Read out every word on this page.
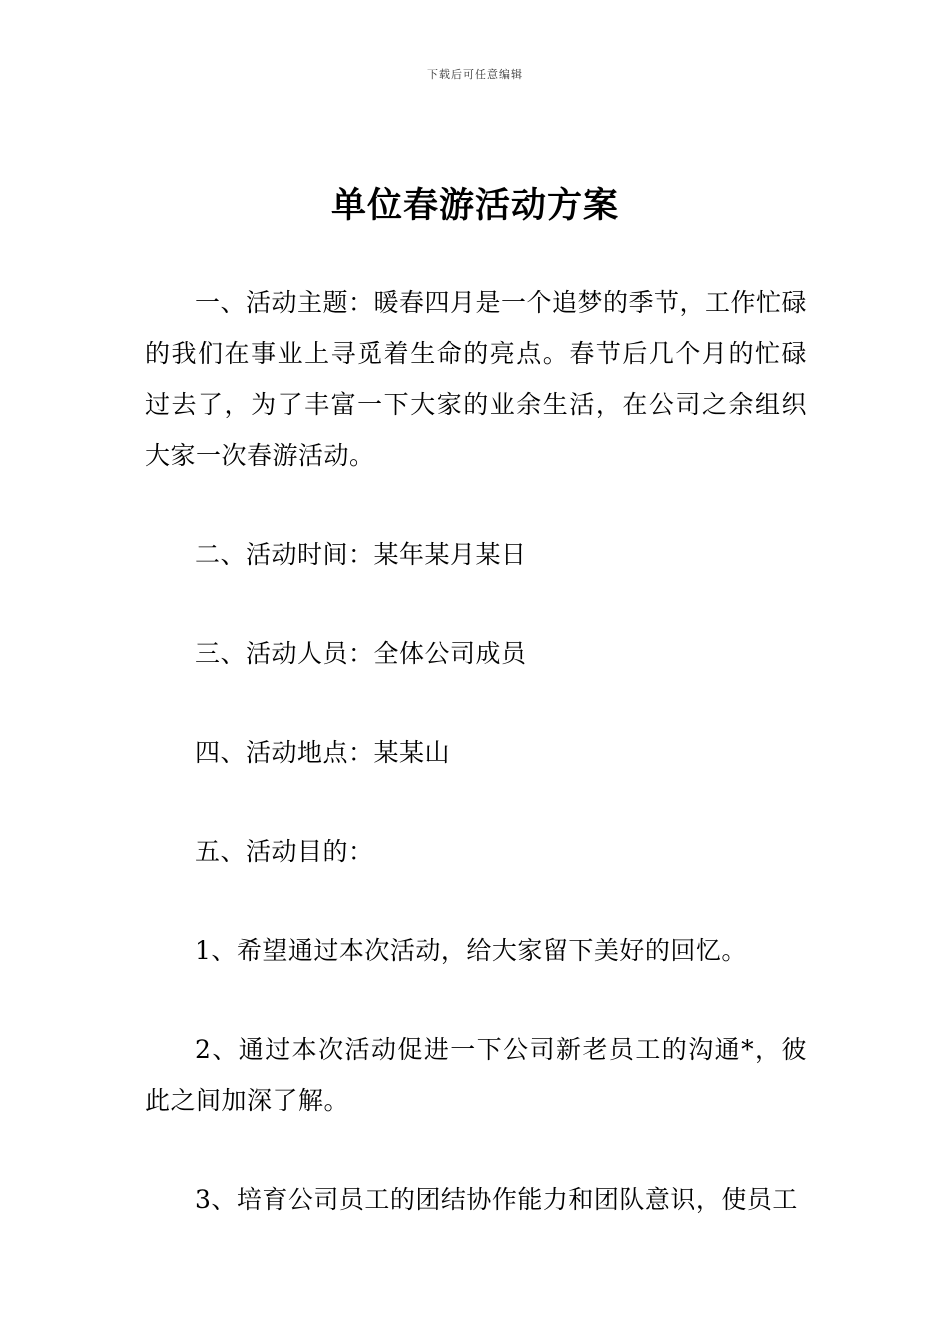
下载后可任意编辑
单位春游活动方案

一、活动主题：暖春四月是一个追梦的季节，工作忙碌的我们在事业上寻觅着生命的亮点。春节后几个月的忙碌过去了，为了丰富一下大家的业余生活，在公司之余组织大家一次春游活动。

二、活动时间：某年某月某日

三、活动人员：全体公司成员

四、活动地点：某某山

五、活动目的：

1、希望通过本次活动，给大家留下美好的回忆。

2、通过本次活动促进一下公司新老员工的沟通*，彼此之间加深了解。

3、培育公司员工的团结协作能力和团队意识，使员工
